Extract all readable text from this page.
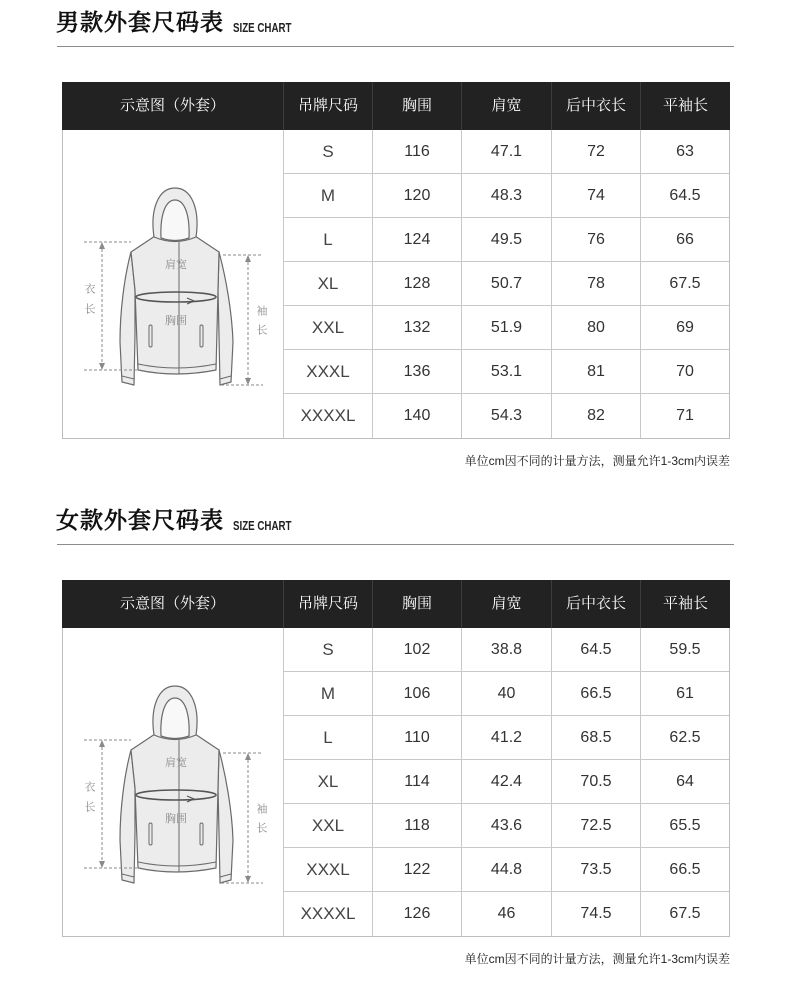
男款外套尺码表 SIZE CHART
示意图（外套）	吊牌尺码	胸围	肩宽	后中衣长	平袖长
衣长
袖长
肩宽
胸围
S	116	47.1	72	63
M	120	48.3	74	64.5
L	124	49.5	76	66
XL	128	50.7	78	67.5
XXL	132	51.9	80	69
XXXL	136	53.1	81	70
XXXXL	140	54.3	82	71
单位cm因不同的计量方法，测量允许1-3cm内误差
女款外套尺码表 SIZE CHART
示意图（外套）	吊牌尺码	胸围	肩宽	后中衣长	平袖长
衣长
袖长
肩宽
胸围
S	102	38.8	64.5	59.5
M	106	40	66.5	61
L	110	41.2	68.5	62.5
XL	114	42.4	70.5	64
XXL	118	43.6	72.5	65.5
XXXL	122	44.8	73.5	66.5
XXXXL	126	46	74.5	67.5
单位cm因不同的计量方法，测量允许1-3cm内误差
